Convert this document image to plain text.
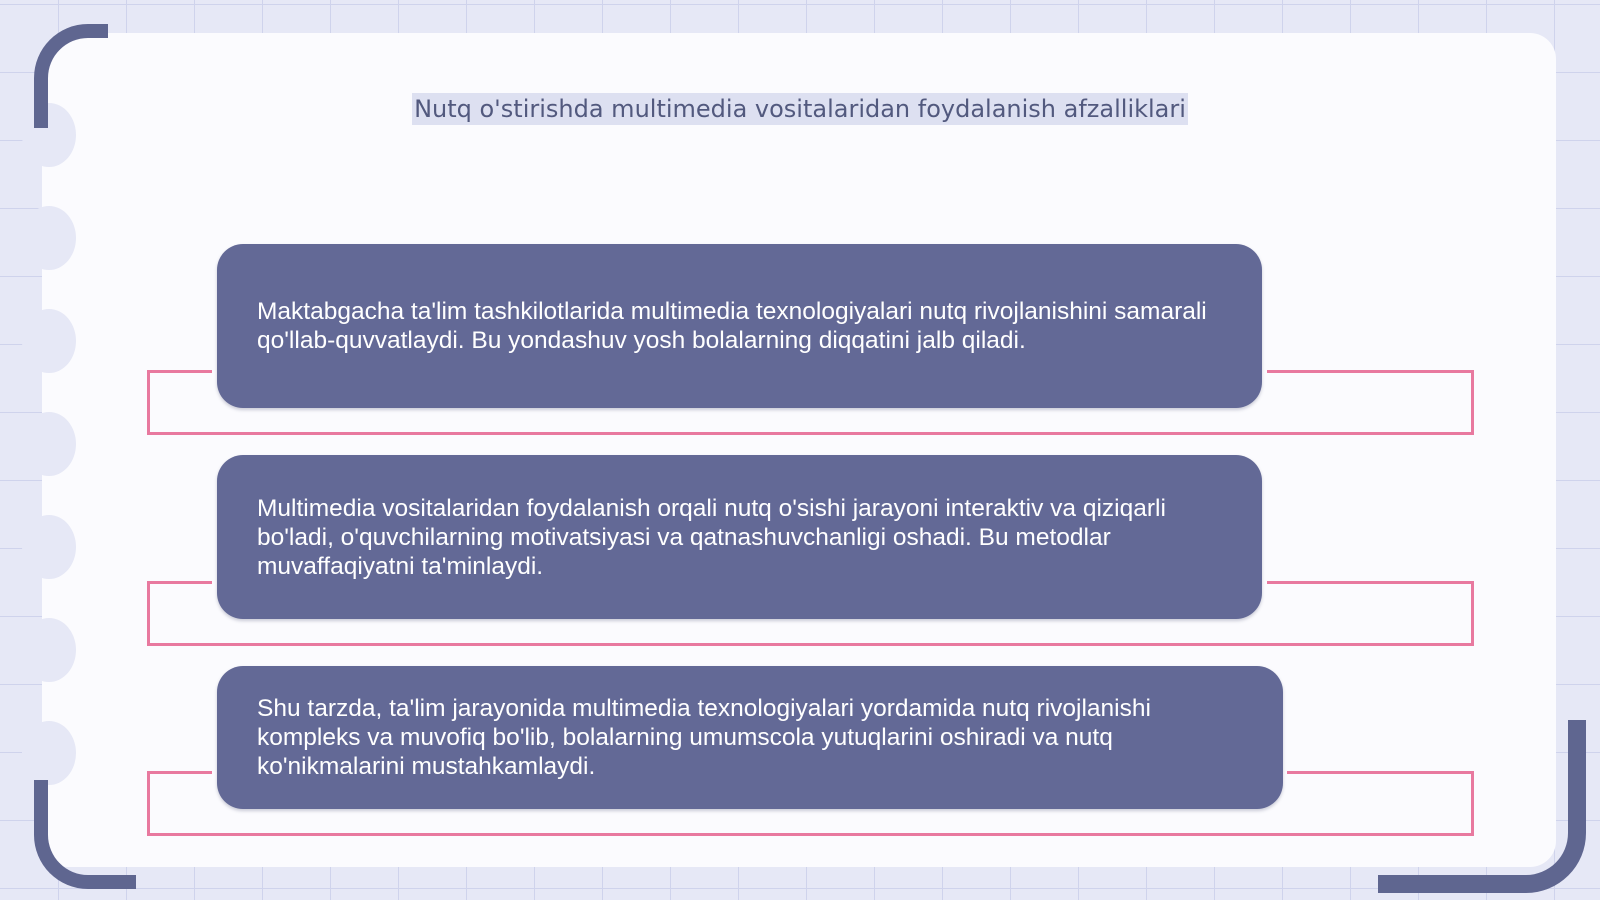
Nutq o'stirishda multimedia vositalaridan foydalanish afzalliklari

Maktabgacha ta'lim tashkilotlarida multimedia texnologiyalari nutq rivojlanishini samarali qo'llab-quvvatlaydi. Bu yondashuv yosh bolalarning diqqatini jalb qiladi.

Multimedia vositalaridan foydalanish orqali nutq o'sishi jarayoni interaktiv va qiziqarli bo'ladi, o'quvchilarning motivatsiyasi va qatnashuvchanligi oshadi. Bu metodlar muvaffaqiyatni ta'minlaydi.

Shu tarzda, ta'lim jarayonida multimedia texnologiyalari yordamida nutq rivojlanishi kompleks va muvofiq bo'lib, bolalarning umumscola yutuqlarini oshiradi va nutq ko'nikmalarini mustahkamlaydi.
